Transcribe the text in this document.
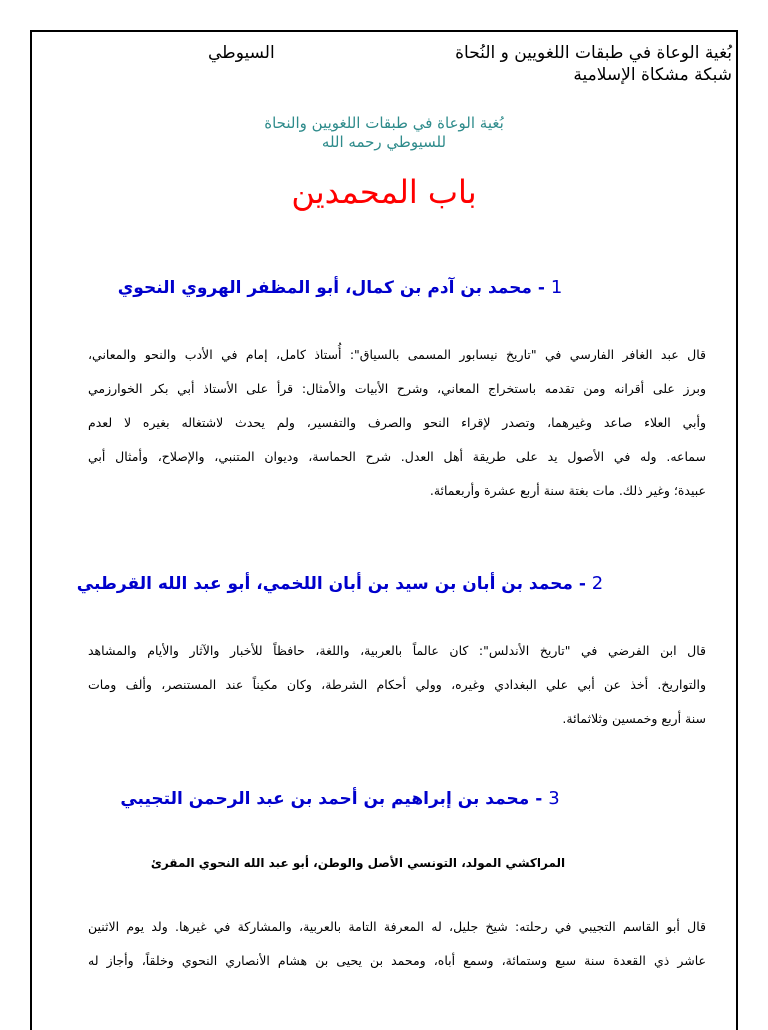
بُغية الوعاة في طبقات اللغويين و النُحاة
السيوطي
شبكة مشكاة الإسلامية
بُغية الوعاة في طبقات اللغويين والنحاة
للسيوطي رحمه الله
باب المحمدين
1 - محمد بن آدم بن كمال، أبو المظفر الهروي النحوي
قال عبد الغافر الفارسي في "تاريخ نيسابور المسمى بالسياق": أُستاذ كامل، إمام في الأدب والنحو والمعاني،
وبرز على أقرانه ومن تقدمه باستخراج المعاني، وشرح الأبيات والأمثال: قرأ على الأستاذ أبي بكر الخوارزمي
وأبي العلاء صاعد وغيرهما، وتصدر لإقراء النحو والصرف والتفسير، ولم يحدث لاشتغاله بغيره لا لعدم
سماعه. وله في الأصول يد على طريقة أهل العدل. شرح الحماسة، وديوان المتنبي، والإصلاح، وأمثال أبي
عبيدة؛ وغير ذلك. مات بغتة سنة أربع عشرة وأربعمائة.
2 - محمد بن أبان بن سيد بن أبان اللخمي، أبو عبد الله القرطبي
قال ابن الفرضي في "تاريخ الأندلس": كان عالماً بالعربية، واللغة، حافظاً للأخبار والآثار والأيام والمشاهد
والتواريخ. أخذ عن أبي علي البغدادي وغيره، وولي أحكام الشرطة، وكان مكيناً عند المستنصر، وألف ومات
سنة أربع وخمسين وثلاثمائة.
3 - محمد بن إبراهيم بن أحمد بن عبد الرحمن التجيبي
المراكشي المولد، التونسي الأصل والوطن، أبو عبد الله النحوي المقرئ
قال أبو القاسم التجيبي في رحلته: شيخ جليل، له المعرفة التامة بالعربية، والمشاركة في غيرها. ولد يوم الاثنين
عاشر ذي القعدة سنة سبع وستمائة، وسمع أباه، ومحمد بن يحيى بن هشام الأنصاري النحوي وخلقاً، وأجاز له
